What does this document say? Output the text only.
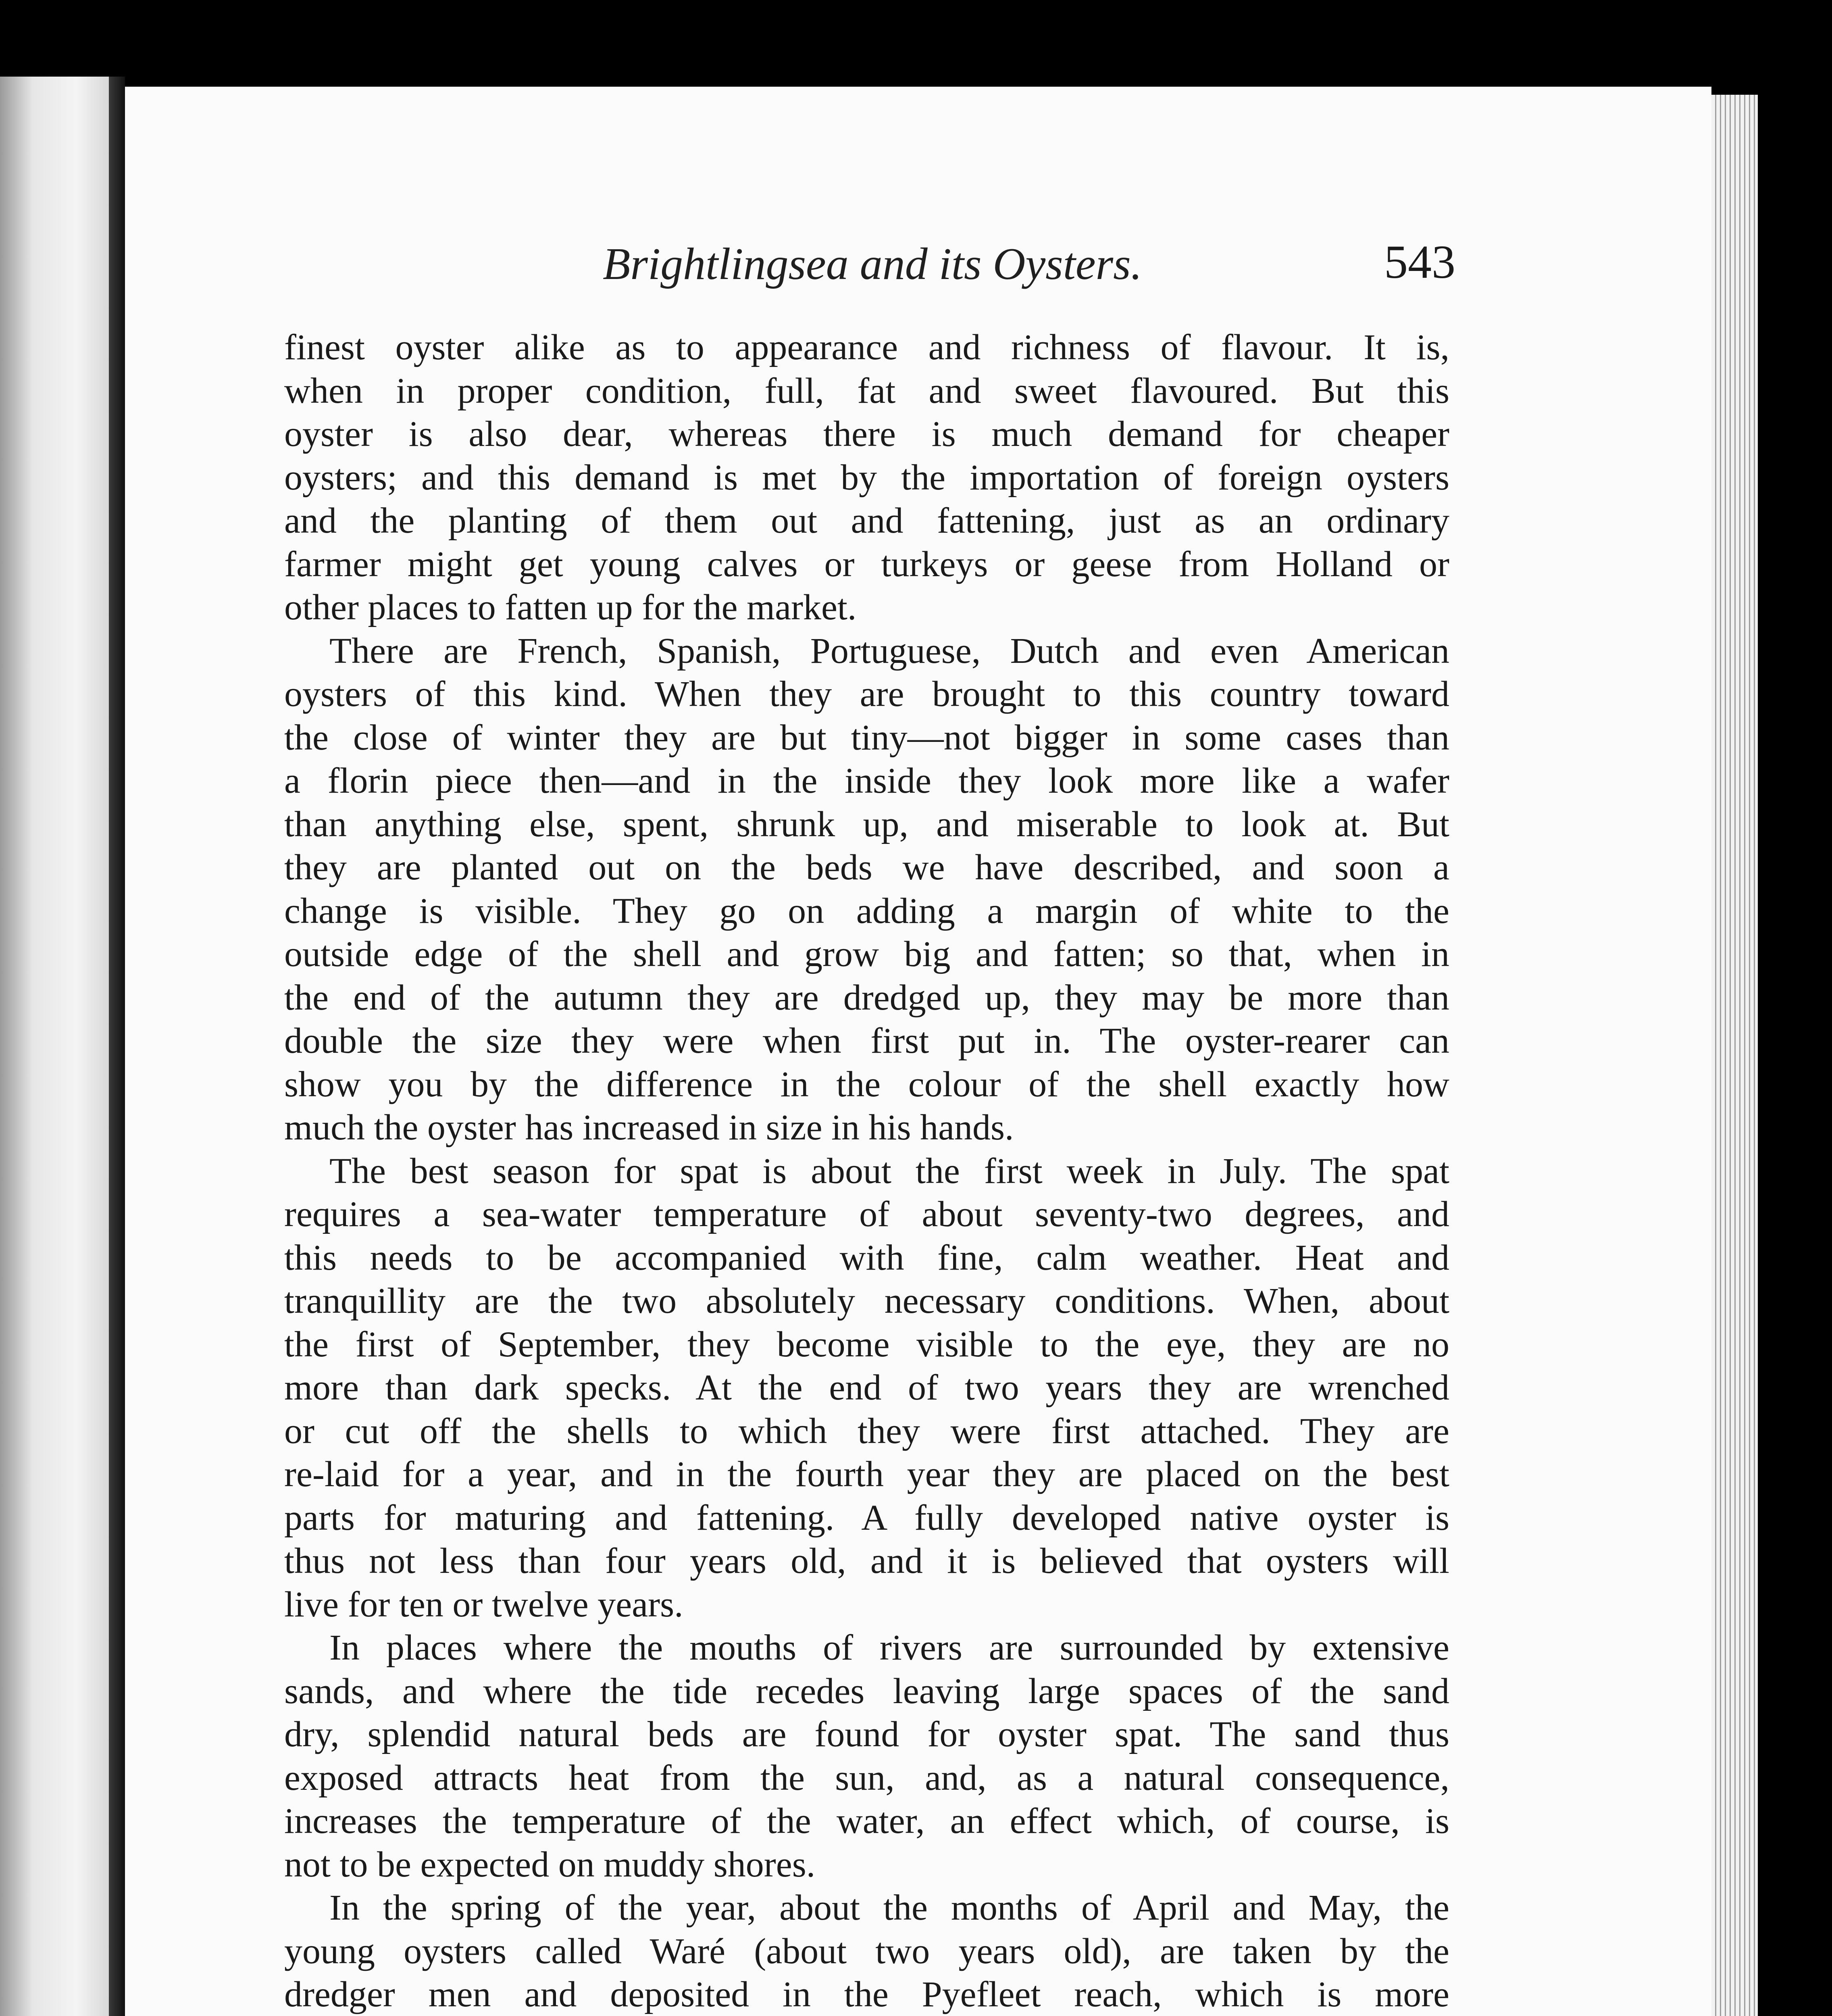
Brightlingsea and its Oysters.	543
finest oyster alike as to appearance and richness of flavour. It is,
when in proper condition, full, fat and sweet flavoured. But this
oyster is also dear, whereas there is much demand for cheaper
oysters; and this demand is met by the importation of foreign oysters
and the planting of them out and fattening, just as an ordinary
farmer might get young calves or turkeys or geese from Holland or
other places to fatten up for the market.
There are French, Spanish, Portuguese, Dutch and even American
oysters of this kind. When they are brought to this country toward
the close of winter they are but tiny—not bigger in some cases than
a florin piece then—and in the inside they look more like a wafer
than anything else, spent, shrunk up, and miserable to look at. But
they are planted out on the beds we have described, and soon a
change is visible. They go on adding a margin of white to the
outside edge of the shell and grow big and fatten; so that, when in
the end of the autumn they are dredged up, they may be more than
double the size they were when first put in. The oyster-rearer can
show you by the difference in the colour of the shell exactly how
much the oyster has increased in size in his hands.
The best season for spat is about the first week in July. The spat
requires a sea-water temperature of about seventy-two degrees, and
this needs to be accompanied with fine, calm weather. Heat and
tranquillity are the two absolutely necessary conditions. When, about
the first of September, they become visible to the eye, they are no
more than dark specks. At the end of two years they are wrenched
or cut off the shells to which they were first attached. They are
re-laid for a year, and in the fourth year they are placed on the best
parts for maturing and fattening. A fully developed native oyster is
thus not less than four years old, and it is believed that oysters will
live for ten or twelve years.
In places where the mouths of rivers are surrounded by extensive
sands, and where the tide recedes leaving large spaces of the sand
dry, splendid natural beds are found for oyster spat. The sand thus
exposed attracts heat from the sun, and, as a natural consequence,
increases the temperature of the water, an effect which, of course, is
not to be expected on muddy shores.
In the spring of the year, about the months of April and May, the
young oysters called Waré (about two years old), are taken by the
dredger men and deposited in the Pyefleet reach, which is more
